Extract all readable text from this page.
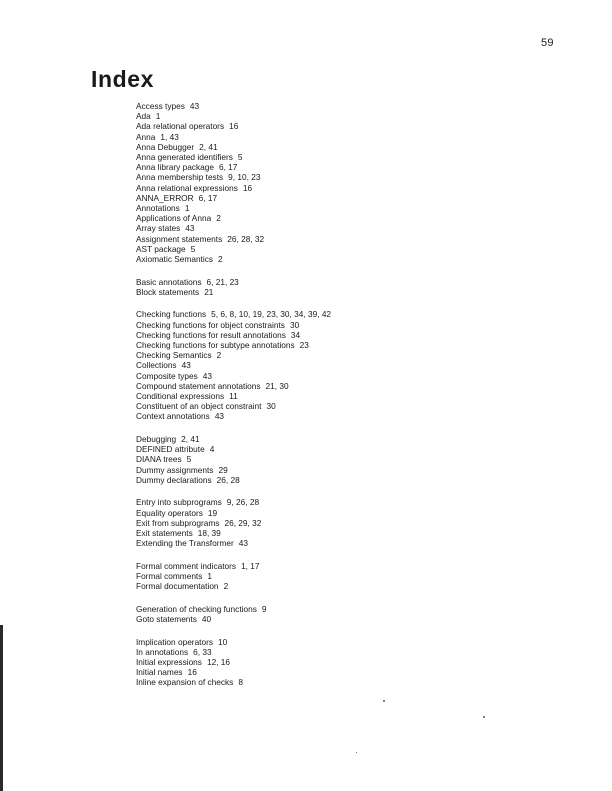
59
Index
Access types 43
Ada 1
Ada relational operators 16
Anna 1, 43
Anna Debugger 2, 41
Anna generated identifiers 5
Anna library package 6, 17
Anna membership tests 9, 10, 23
Anna relational expressions 16
ANNA_ERROR 6, 17
Annotations 1
Applications of Anna 2
Array states 43
Assignment statements 26, 28, 32
AST package 5
Axiomatic Semantics 2
Basic annotations 6, 21, 23
Block statements 21
Checking functions 5, 6, 8, 10, 19, 23, 30, 34, 39, 42
Checking functions for object constraints 30
Checking functions for result annotations 34
Checking functions for subtype annotations 23
Checking Semantics 2
Collections 43
Composite types 43
Compound statement annotations 21, 30
Conditional expressions 11
Constituent of an object constraint 30
Context annotations 43
Debugging 2, 41
DEFINED attribute 4
DIANA trees 5
Dummy assignments 29
Dummy declarations 26, 28
Entry into subprograms 9, 26, 28
Equality operators 19
Exit from subprograms 26, 29, 32
Exit statements 18, 39
Extending the Transformer 43
Formal comment indicators 1, 17
Formal comments 1
Formal documentation 2
Generation of checking functions 9
Goto statements 40
Implication operators 10
In annotations 6, 33
Initial expressions 12, 16
Initial names 16
Inline expansion of checks 8
